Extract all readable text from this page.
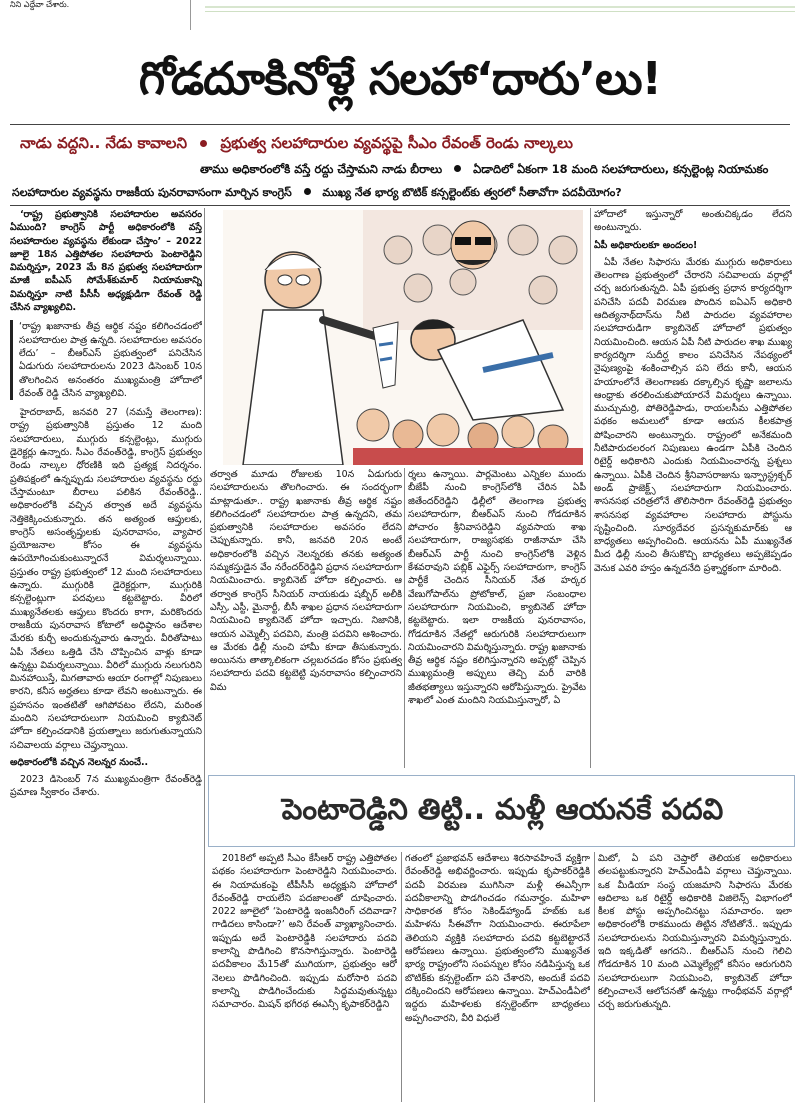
నిని ఎద్దేవా చేశారు.
గోడదూకినోళ్లే సలహా‘దారు’లు!
నాడు వద్దని.. నేడు కావాలని ప్రభుత్వ సలహాదారుల వ్యవస్థపై సీఎం రేవంత్ రెండు నాల్కలు
తాము అధికారంలోకి వస్తే రద్దు చేస్తామని నాడు బీరాలు	ఏడాదిలో ఏకంగా 18 మంది సలహాదారులు, కన్సల్టెంట్ల నియామకం
సలహాదారుల వ్యవస్థను రాజకీయ పునరావాసంగా మార్చిన కాంగ్రెస్	ముఖ్య నేత భార్య బొటిక్ కన్సల్టెంట్‌కు త్వరలో సీతావోగా పదవీయోగం?

‘రాష్ట్ర ప్రభుత్వానికి సలహాదారుల అవసరం ఏముంది? కాంగ్రెస్ పార్టీ అధికారంలోకి వస్తే సలహాదారుల వ్యవస్థను లేకుండా చేస్తాం’ – 2022 జూలై 18న ఎత్తిపోతల సలహాదారు పెంటారెడ్డిని విమర్శిస్తూ, 2023 మే 8న ప్రభుత్వ సలహాదారుగా మాజీ ఐపీఎస్ సోమేశ్‌కుమార్ నియామకాన్ని విమర్శిస్తూ నాటి పీసీసీ అధ్యక్షుడిగా రేవంత్ రెడ్డి చేసిన వ్యాఖ్యలివి.

‘రాష్ట్ర ఖజానాకు తీవ్ర ఆర్థిక నష్టం కలిగించడంలో సలహాదారుల పాత్ర ఉన్నది. సలహాదారుల అవసరం లేదు’ – బీఆర్ఎస్ ప్రభుత్వంలో పనిచేసిన ఏడుగురు సలహాదారులను 2023 డిసెంబర్ 10న తొలగించిన అనంతరం ముఖ్యమంత్రి హోదాలో రేవంత్ రెడ్డి చేసిన వ్యాఖ్యలివి.

హైదరాబాద్, జనవరి 27 (నమస్తే తెలంగాణ): రాష్ట్ర ప్రభుత్వానికి ప్రస్తుతం 12 మంది సలహాదారులు, ముగ్గురు కన్సల్టెంట్లు, ముగ్గురు డైరెక్టర్లు ఉన్నారు. సీఎం రేవంత్‌రెడ్డి, కాంగ్రెస్ ప్రభుత్వం రెండు నాల్కల ధోరణికి ఇది ప్రత్యక్ష నిదర్శనం. ప్రతిపక్షంలో ఉన్నప్పుడు సలహాదారుల వ్యవస్థను రద్దు చేస్తామంటూ బీరాలు పలికిన రేవంత్‌రెడ్డి.. అధికారంలోకి వచ్చిన తర్వాత అదే వ్యవస్థను నెత్తికెక్కించుకున్నారు. తన అత్యంత ఆప్తులకు, కాంగ్రెస్ అసంతృప్తులకు పునరావాసం, వ్యాపార ప్రయోజనాల కోసం ఈ వ్యవస్థను ఉపయోగించుకుంటున్నారనే విమర్శలున్నాయి. ప్రస్తుతం రాష్ట్ర ప్రభుత్వంలో 12 మంది సలహాదారులు ఉన్నారు. ముగ్గురికి డైరెక్టర్లుగా, ముగ్గురికి కన్సల్టెంట్లుగా పదవులు కట్టబెట్టారు. వీరిలో ముఖ్యనేతలకు ఆప్తులు కొందరు కాగా, మరికొందరు రాజకీయ పునరావాస కోటాలో అధిష్ఠానం ఆదేశాల మేరకు కుర్చీ అందుకున్నవారు ఉన్నారు. వీరితోపాటు ఏపీ నేతలు ఒత్తిడి చేసి చొప్పించిన వాళ్లు కూడా ఉన్నట్టు విమర్శలున్నాయి. వీరిలో ముగ్గురు నలుగురిని మినహాయిస్తే, మిగతావారు ఆయా రంగాల్లో నిపుణులు కారని, కనీస అర్హతలు కూడా లేవని అంటున్నారు. ఈ ప్రహసనం ఇంతటితో ఆగిపోవటం లేదని, మరింత మందిని సలహాదారులుగా నియమించి క్యాబినెట్ హోదా కల్పించడానికి ప్రయత్నాలు జరుగుతున్నాయని సచివాలయ వర్గాలు చెప్తున్నాయి.

అధికారంలోకి వచ్చిన నెలన్నర నుంచే..

2023 డిసెంబర్ 7న ముఖ్యమంత్రిగా రేవంత్‌రెడ్డి ప్రమాణ స్వీకారం చేశారు.

తర్వాత మూడు రోజులకు 10న ఏడుగురు సలహాదారులను తొలగించారు. ఈ సందర్భంగా మాట్లాడుతూ.. రాష్ట్ర ఖజానాకు తీవ్ర ఆర్థిక నష్టం కలిగించడంలో సలహాదారుల పాత్ర ఉన్నదని, తమ ప్రభుత్వానికి సలహాదారుల అవసరం లేదని చెప్పుకున్నారు. కానీ, జనవరి 20న అంటే అధికారంలోకి వచ్చిన నెలన్నరకు తనకు అత్యంత సమ్మకస్తుడైన వేం నరేందర్‌రెడ్డిని ప్రధాన సలహాదారుగా నియమించారు. క్యాబినెట్ హోదా కల్పించారు. ఆ తర్వాత కాంగ్రెస్ సీనియర్ నాయకుడు షబ్బీర్ అలీకి ఎస్సీ, ఎస్టీ, మైనార్టీ, బీసీ శాఖల ప్రధాన సలహాదారుగా నియమించి క్యాబినెట్ హోదా ఇచ్చారు. నిజానికి, ఆయన ఎమ్మెల్సీ పదవిని, మంత్రి పదవిని ఆశించారు. ఆ మేరకు ఢిల్లీ నుంచి హామీ కూడా తీసుకున్నారు. అయినను తాత్కాలికంగా చల్లబరచడం కోసం ప్రభుత్వ సలహాదారు పదవి కట్టబెట్టి పునరావాసం కల్పించారని విమ

ర్శలు ఉన్నాయి. పార్లమెంటు ఎన్నికల ముందు బీజేపీ నుంచి కాంగ్రెస్‌లోకి చేరిన ఏపీ జితేందర్‌రెడ్డిని ఢిల్లీలో తెలంగాణ ప్రభుత్వ సలహాదారుగా, బీఆర్ఎస్ నుంచి గోడదూకిన పోచారం శ్రీనివాసరెడ్డిని వ్యవసాయ శాఖ సలహాదారుగా, రాజ్యసభకు రాజీనామా చేసి బీఆర్ఎస్ పార్టీ నుంచి కాంగ్రెస్‌లోకి వెళ్లిన కేశవరావుని పబ్లిక్ ఎఫైర్స్ సలహాదారుగా, కాంగ్రెస్ పార్టీకే చెందిన సీనియర్ నేత హర్కర వేణుగోపాల్‌ను ప్రోటోకాల్, ప్రజా సంబంధాల సలహాదారుగా నియమించి, క్యాబినెట్ హోదా కట్టబెట్టారు. ఇలా రాజకీయ పునరావాసం, గోడదూకిన నేతల్లో ఆరుగురికి సలహాదారులుగా నియమించారని విమర్శిస్తున్నారు. రాష్ట్ర ఖజానాకు తీవ్ర ఆర్థిక నష్టం కలిగిస్తున్నారని అప్పట్లో చెప్పిన ముఖ్యమంత్రి అప్పులు తెచ్చి మరీ వారికి జీతభత్యాలు ఇస్తున్నారని ఆరోపిస్తున్నారు. ప్రైవేట శాఖలో ఎంత మందిని నియమిస్తున్నారో, ఏ

హోదాలో ఇస్తున్నారో అంతుచిక్కడం లేదని అంటున్నారు.

ఏపీ అధికారులకూ అందలం!

ఏపీ నేతల సిఫారసు మేరకు ముగ్గురు అధికారులు తెలంగాణ ప్రభుత్వంలో చేరారని సచివాలయ వర్గాల్లో చర్చ జరుగుతున్నది. ఏపీ ప్రభుత్వ ప్రధాన కార్యదర్శిగా పనిచేసి పదవీ విరమణ పొందిన ఐఏఎస్ అధికారి ఆదిత్యనాథ్‌దాస్‌ను నీటి పారుదల వ్యవహారాల సలహాదారుడిగా క్యాబినెట్ హోదాలో ప్రభుత్వం నియమించింది. ఆయన ఏపీ నీటి పారుదల శాఖ ముఖ్య కార్యదర్శిగా సుదీర్ఘ కాలం పనిచేసిన నేపథ్యంలో నైపుణ్యంపై శంకించాల్సిన పని లేదు కానీ, ఆయన హయాంలోనే తెలంగాణకు దక్కాల్సిన కృష్ణా జలాలను ఆంధ్రాకు తరలించుకుపోయారనే విమర్శలు ఉన్నాయి. ముచ్చుమర్రి, పోతిరెడ్డిపాడు, రాయలసీమ ఎత్తిపోతల పథకం అమలులో కూడా ఆయన కీలకపాత్ర పోషించారని అంటున్నారు. రాష్ట్రంలో అనేకమంది నీటిపారుదలరంగ నిపుణులు ఉండగా ఏపీకి చెందిన రిటైర్డ్ అధికారిని ఎందుకు నియమించారన్న ప్రశ్నలు ఉన్నాయి. ఏపీకి చెందిన శ్రీనివాసరాజును ఇన్ఫ్రాస్ట్రక్చర్ అండ్ ప్రాజెక్ట్స్ సలహాదారుగా నియమించారు. శాసనసభ చరిత్రలోనే తొలిసారిగా రేవంత్‌రెడ్డి ప్రభుత్వం శాసనసభ వ్యవహారాల సలహాదారు పోస్టును సృష్టించింది. సూర్యదేవర ప్రసన్నకుమార్‌కు ఆ బాధ్యతలు అప్పగించింది. ఆయనను ఏపీ ముఖ్యనేత మీద ఢిల్లీ నుంచి తీసుకొచ్చి బాధ్యతలు అప్పజెప్పడం వెనుక ఎవరి హస్తం ఉన్నదనేది ప్రశ్నార్థకంగా మారింది.

పెంటారెడ్డిని తిట్టి.. మళ్లీ ఆయనకే పదవి

2018లో అప్పటి సీఎం కేసీఆర్ రాష్ట్ర ఎత్తిపోతల పథకం సలహాదారుగా పెంటారెడ్డిని నియమించారు. ఈ నియామకంపై టీపీసీసీ అధ్యక్షుని హోదాలో రేవంత్‌రెడ్డి రాయలేని పదజాలంతో దూషించారు. 2022 జూలైలో ‘పెంటారెడ్డి ఇంజనీరింగ్ చదివాడా? గాడిదలు కాసిండా?’ అని రేవంత్ వ్యాఖ్యానించారు. ఇప్పుడు అదే పెంటారెడ్డికి సలహాదారు పదవి కాలాన్ని పొడిగించి కొనసాగిస్తున్నారు. పెంటారెడ్డి పదవీకాలం మే15తో ముగియగా, ప్రభుత్వం ఆరో నెలలు పొడిగించింది. ఇప్పుడు మరోసారి పదవి కాలాన్ని పొడిగించేందుకు సిద్ధమవుతున్నట్టు సమాచారం. మిషన్ భగీరథ ఈఎన్సీ కృపాకర్‌రెడ్డిని

గతంలో ప్రజాభవన్ ఆదేశాలు శిరసావహించే వ్యక్తిగా రేవంత్‌రెడ్డి అభివర్ణించారు. ఇప్పుడు కృపాకర్‌రెడ్డికి పదవీ విరమణ ముగిసినా మళ్లీ ఈఎన్సీగా పదవీకాలాన్ని పొడగించడం గమనార్హం. మహిళా సాధికారత కోసం సెకిండ్‌హ్యాండ్ హబ్‌కు ఒక మహిళను సీఈవోగా నియమించారు. ఈరూపేలా తెలియని వ్యక్తికి సలహాదారు పదవి కట్టబెట్టారనే ఆరోపణలు ఉన్నాయి. ప్రభుత్వంలోని ముఖ్యనేత భార్య రాష్ట్రంలోని సంపన్నుల కోసం నడిపిస్తున్న ఒక బొటిక్‌కు కన్సల్టెంట్‌గా పని చేశారని, అందుకే పదవి దక్కించిందని ఆరోపణలు ఉన్నాయి. హెచ్ఎండీఏలో ఇద్దరు మహిళలకు కన్సల్టెంట్‌గా బాధ్యతలు అప్పగించారని, వీరి విధులే

మిటో, ఏ పని చెప్తారో తెలియక అధికారులు తలపట్టుకున్నారని హెచ్ఎండీఏ వర్గాలు చెప్తున్నాయి. ఒక మీడియా సంస్థ యజమాని సిఫారసు మేరకు ఆదిలాబ ఒక రిటైర్డ్ అధికారికి విజిలెన్స్ విభాగంలో కీలక పోస్టు అప్పగించినట్టు సమాచారం. ఇలా అధికారంలోకి రాకముందు తిట్టిన నోటితోనే.. ఇప్పుడు సలహాదారులను నియమిస్తున్నారని విమర్శిస్తున్నారు. ఇది ఇక్కడితో ఆగదని.. బీఆర్ఎస్ నుంచి గెలిచి గోడదూకిన 10 మంది ఎమ్మెల్యేల్లో కనీసం ఆరుగురిని సలహాదారులుగా నియమించి, క్యాబినెట్ హోదా కల్పించాలనే ఆలోచనతో ఉన్నట్టు గాంధీభవన్ వర్గాల్లో చర్చ జరుగుతున్నది.
